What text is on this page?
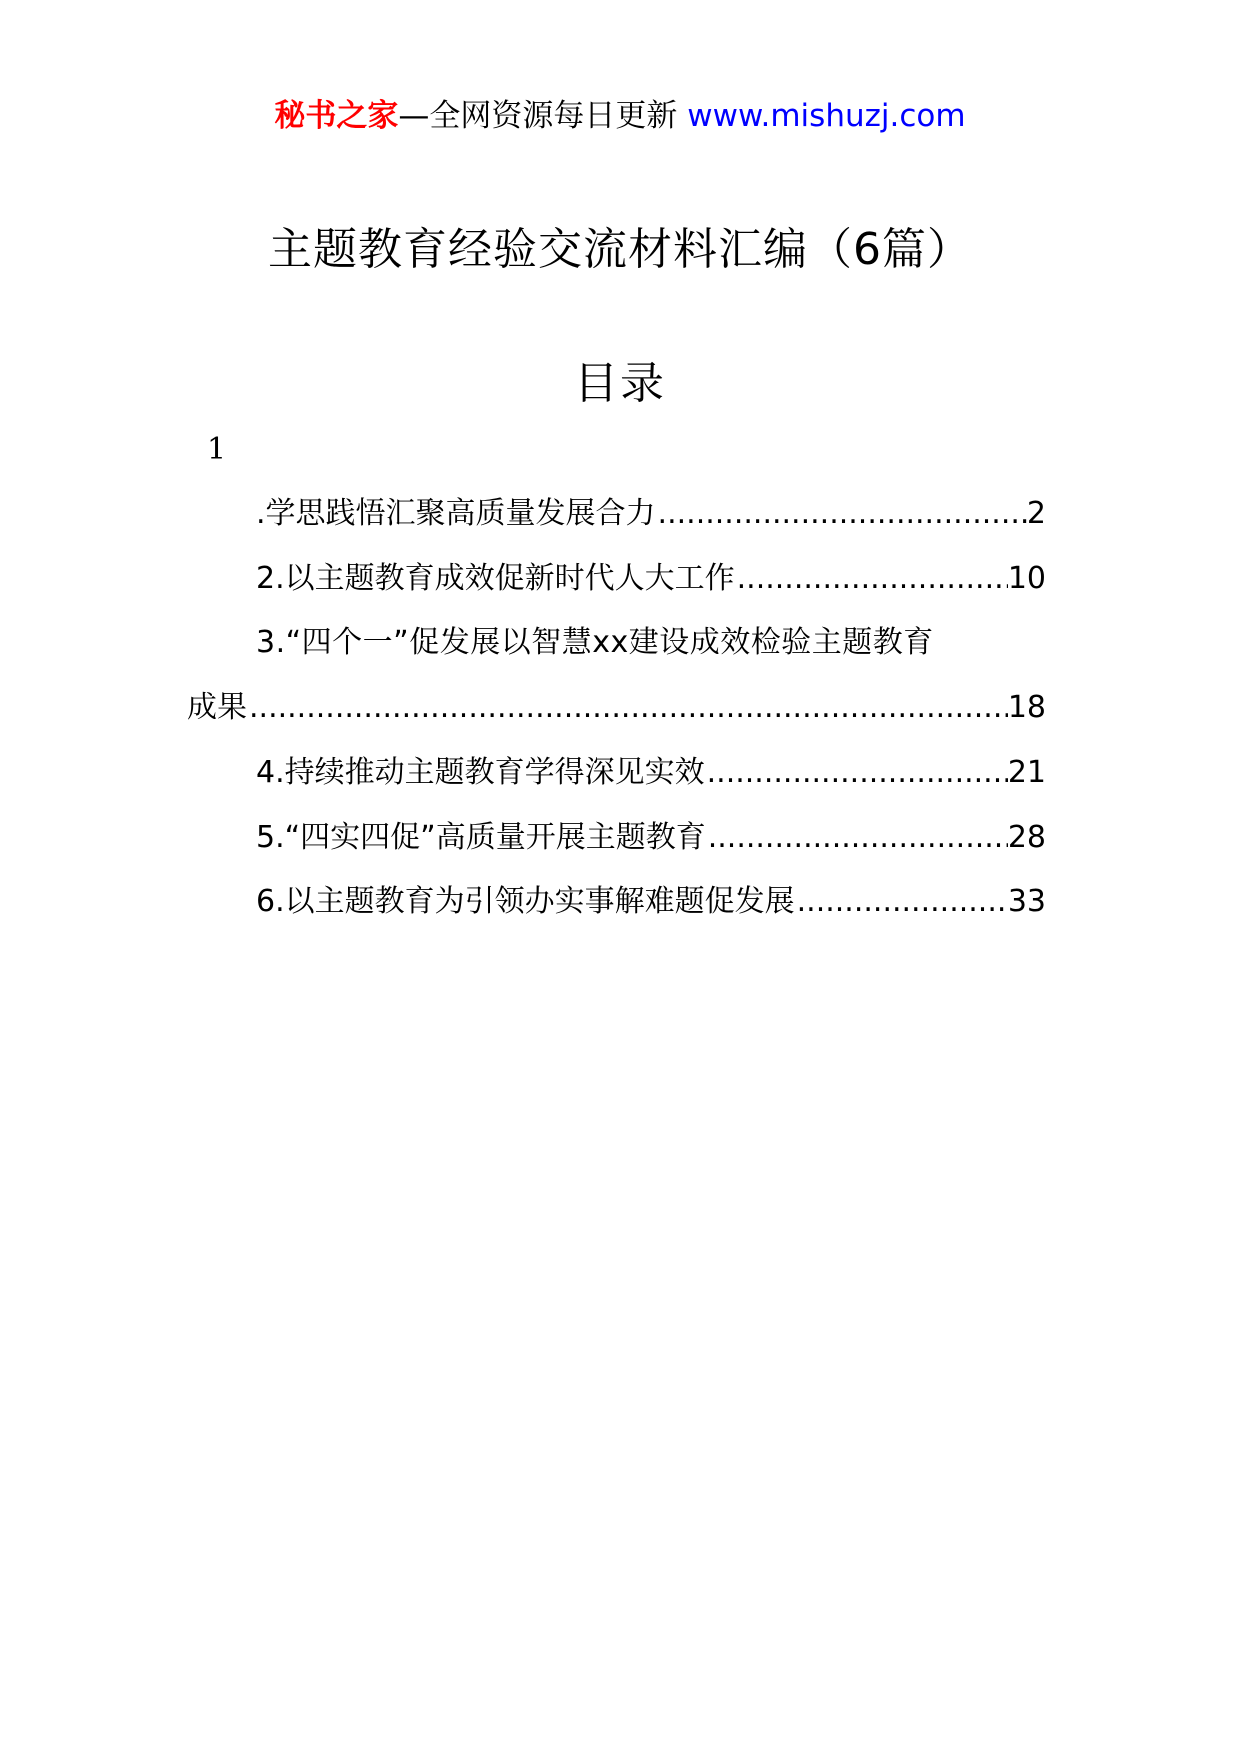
秘书之家—全网资源每日更新 www.mishuzj.com
主题教育经验交流材料汇编（6篇）
目录
1
.学思践悟汇聚高质量发展合力 .....	2
2.以主题教育成效促新时代人大工作 .....	10
3.“四个一”促发展以智慧xx建设成效检验主题教育
成果 .....	18
4.持续推动主题教育学得深见实效 .....	21
5.“四实四促”高质量开展主题教育 .....	28
6.以主题教育为引领办实事解难题促发展 .....	33
